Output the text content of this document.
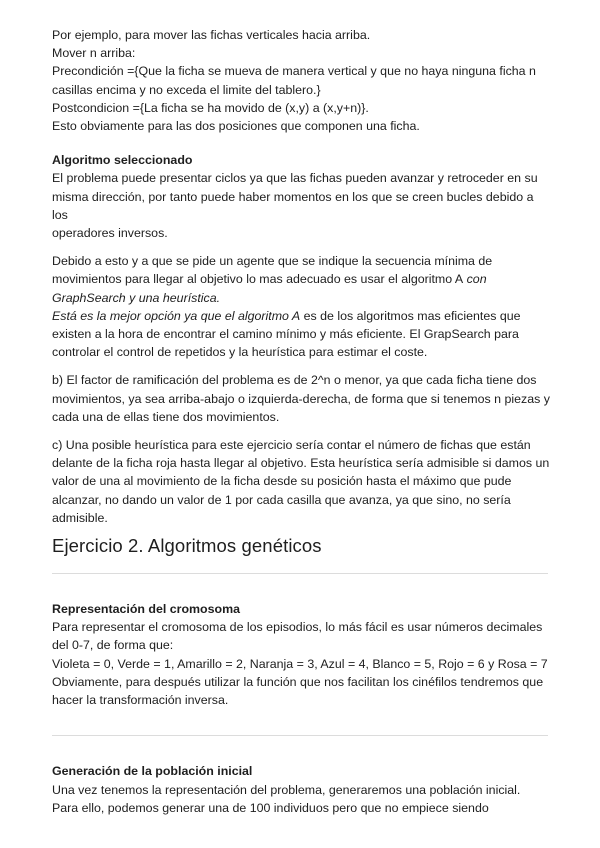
Por ejemplo, para mover las fichas verticales hacia arriba.

Mover n arriba:

Precondición ={Que la ficha se mueva de manera vertical y que no haya ninguna ficha n

casillas encima y no exceda el limite del tablero.}

Postcondicion ={La ficha se ha movido de (x,y) a (x,y+n)}.

Esto obviamente para las dos posiciones que componen una ficha.

Algoritmo seleccionado

El problema puede presentar ciclos ya que las fichas pueden avanzar y retroceder en su

misma dirección, por tanto puede haber momentos en los que se creen bucles debido a los

operadores inversos.

Debido a esto y a que se pide un agente que se indique la secuencia mínima de

movimientos para llegar al objetivo lo mas adecuado es usar el algoritmo A con

GraphSearch y una heurística.

Está es la mejor opción ya que el algoritmo A es de los algoritmos mas eficientes que

existen a la hora de encontrar el camino mínimo y más eficiente. El GrapSearch para

controlar el control de repetidos y la heurística para estimar el coste.

b) El factor de ramificación del problema es de 2^n o menor, ya que cada ficha tiene dos

movimientos, ya sea arriba-abajo o izquierda-derecha, de forma que si tenemos n piezas y

cada una de ellas tiene dos movimientos.

c) Una posible heurística para este ejercicio sería contar el número de fichas que están

delante de la ficha roja hasta llegar al objetivo. Esta heurística sería admisible si damos un

valor de una al movimiento de la ficha desde su posición hasta el máximo que pude

alcanzar, no dando un valor de 1 por cada casilla que avanza, ya que sino, no sería

admisible.

Ejercicio 2. Algoritmos genéticos

Representación del cromosoma

Para representar el cromosoma de los episodios, lo más fácil es usar números decimales

del 0-7, de forma que:

Violeta = 0, Verde = 1, Amarillo = 2, Naranja = 3, Azul = 4, Blanco = 5, Rojo = 6 y Rosa = 7

Obviamente, para después utilizar la función que nos facilitan los cinéfilos tendremos que

hacer la transformación inversa.

Generación de la población inicial

Una vez tenemos la representación del problema, generaremos una población inicial.

Para ello, podemos generar una de 100 individuos pero que no empiece siendo
